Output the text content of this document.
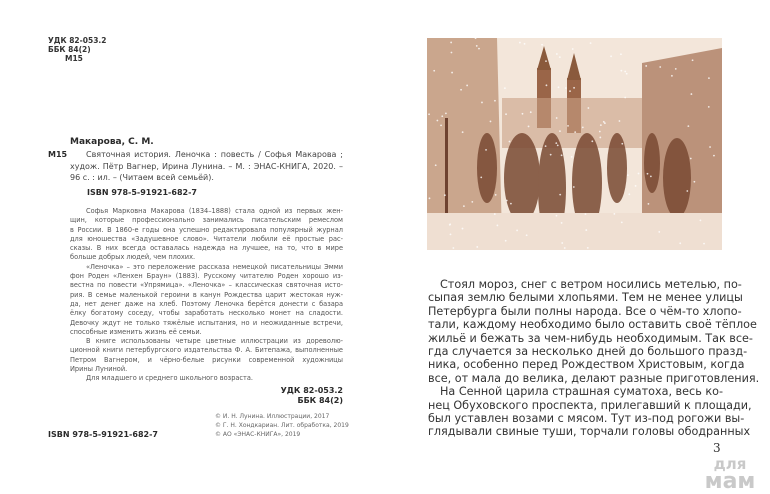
УДК 82-053.2
ББК 84(2)
М15
Макарова, С. М.
М15	Святочная история. Леночка : повесть / Софья Макарова ;
худож. Пётр Вагнер, Ирина Лунина. – М. : ЭНАС-КНИГА, 2020. –
96 с. : ил. – (Читаем всей семьёй).
ISBN 978-5-91921-682-7
Софья Марковна Макарова (1834–1888) стала одной из первых жен-
щин, которые профессионально занимались писательским ремеслом
в России. В 1860-е годы она успешно редактировала популярный журнал
для юношества «Задушевное слово». Читатели любили её простые рас-
сказы. В них всегда оставалась надежда на лучшее, на то, что в мире
больше добрых людей, чем плохих.
«Леночка» – это переложение рассказа немецкой писательницы Эмми
фон Роден «Ленхен Браун» (1883). Русскому читателю Роден хорошо из-
вестна по повести «Упрямица». «Леночка» – классическая святочная исто-
рия. В семье маленькой героини в канун Рождества царит жестокая нуж-
да, нет денег даже на хлеб. Поэтому Леночка берётся донести с базара
ёлку богатому соседу, чтобы заработать несколько монет на сладости.
Девочку ждут не только тяжёлые испытания, но и неожиданные встречи,
способные изменить жизнь её семьи.
В книге использованы четыре цветные иллюстрации из дореволю-
ционной книги петербургского издательства Ф. А. Битепажа, выполненные
Петром Вагнером, и чёрно-белые рисунки современной художницы
Ирины Луниной.
Для младшего и среднего школьного возраста.
УДК 82-053.2
ББК 84(2)
© И. Н. Лунина. Иллюстрации, 2017
© Г. Н. Хондкариан. Лит. обработка, 2019
© АО «ЭНАС-КНИГА», 2019
ISBN 978-5-91921-682-7
Стоял мороз, снег с ветром носились метелью, по-
сыпая землю белыми хлопьями. Тем не менее улицы
Петербурга были полны народа. Все о чём-то хлопо-
тали, каждому необходимо было оставить своё тёплое
жильё и бежать за чем-нибудь необходимым. Так все-
гда случается за несколько дней до большого празд-
ника, особенно перед Рождеством Христовым, когда
все, от мала до велика, делают разные приготовления.
На Сенной царила страшная суматоха, весь ко-
нец Обуховского проспекта, прилегавший к площади,
был уставлен возами с мясом. Тут из-под рогожи вы-
глядывали свиные туши, торчали головы ободранных
3
для
мам
